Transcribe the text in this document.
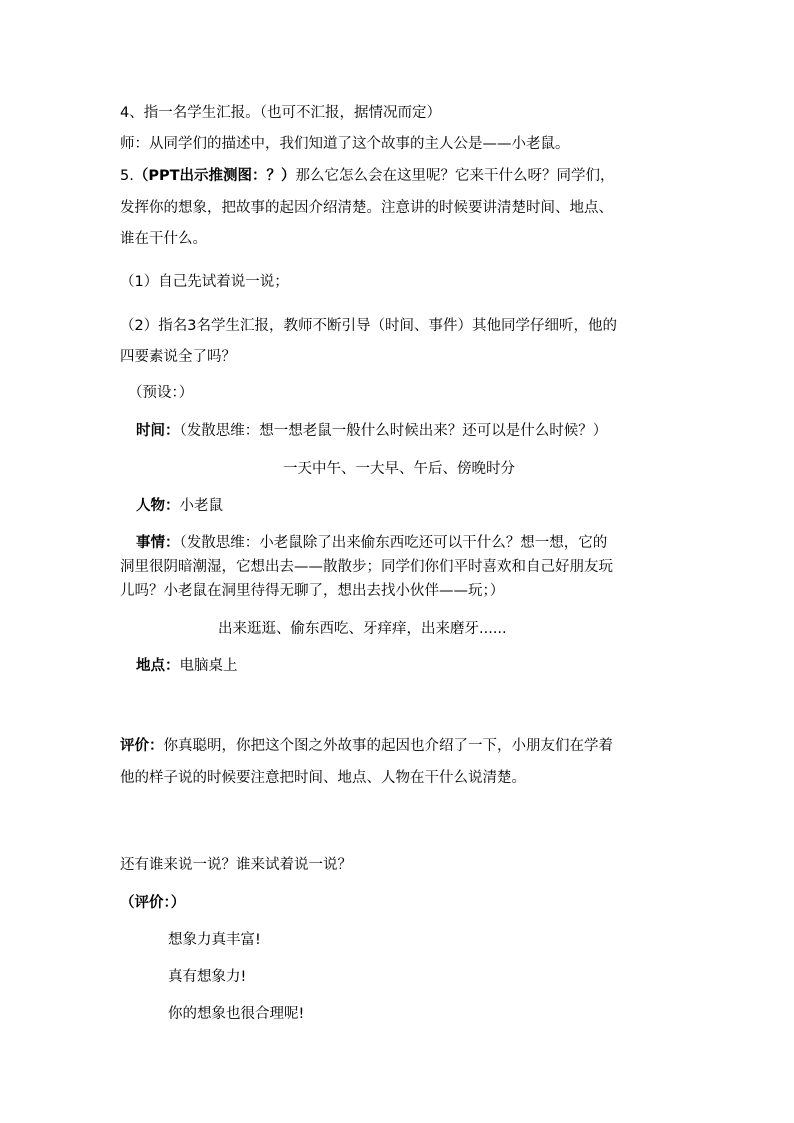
4、指一名学生汇报。（也可不汇报，据情况而定）
师：从同学们的描述中，我们知道了这个故事的主人公是——小老鼠。
5.（PPT出示推测图：？）那么它怎么会在这里呢？它来干什么呀？同学们，
发挥你的想象，把故事的起因介绍清楚。注意讲的时候要讲清楚时间、地点、
谁在干什么。
（1）自己先试着说一说；
（2）指名3名学生汇报，教师不断引导（时间、事件）其他同学仔细听，他的
四要素说全了吗？
（预设：）
时间：（发散思维：想一想老鼠一般什么时候出来？还可以是什么时候？）
一天中午、一大早、午后、傍晚时分
人物：小老鼠
事情：（发散思维：小老鼠除了出来偷东西吃还可以干什么？想一想，它的
洞里很阴暗潮湿，它想出去——散散步；同学们你们平时喜欢和自己好朋友玩
儿吗？小老鼠在洞里待得无聊了，想出去找小伙伴——玩；）
出来逛逛、偷东西吃、牙痒痒，出来磨牙......
地点：电脑桌上
评价：你真聪明，你把这个图之外故事的起因也介绍了一下，小朋友们在学着
他的样子说的时候要注意把时间、地点、人物在干什么说清楚。
还有谁来说一说？谁来试着说一说？
（评价：）
想象力真丰富!
真有想象力!
你的想象也很合理呢!
